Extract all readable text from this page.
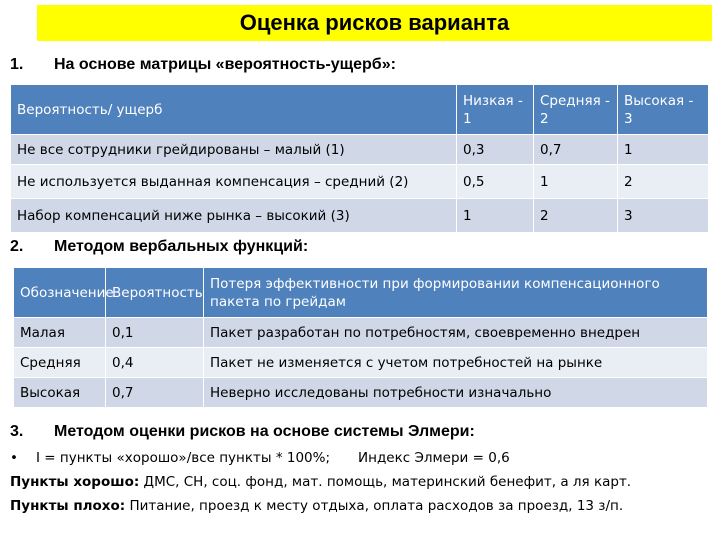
Оценка рисков варианта
1. На основе матрицы «вероятность-ущерб»:
Вероятность/ ущерб	Низкая - 1	Средняя - 2	Высокая - 3
Не все сотрудники грейдированы – малый (1)	0,3	0,7	1
Не используется выданная компенсация – средний (2)	0,5	1	2
Набор компенсаций ниже рынка – высокий (3)	1	2	3
2. Методом вербальных функций:
Обозначение	Вероятность	Потеря эффективности при формировании компенсационного пакета по грейдам
Малая	0,1	Пакет разработан по потребностям, своевременно внедрен
Средняя	0,4	Пакет не изменяется с учетом потребностей на рынке
Высокая	0,7	Неверно исследованы потребности изначально
3. Методом оценки рисков на основе системы Элмери:
• I = пункты «хорошо»/все пункты * 100%; Индекс Элмери = 0,6
Пункты хорошо: ДМС, СН, соц. фонд, мат. помощь, материнский бенефит, а ля карт.
Пункты плохо: Питание, проезд к месту отдыха, оплата расходов за проезд, 13 з/п.
